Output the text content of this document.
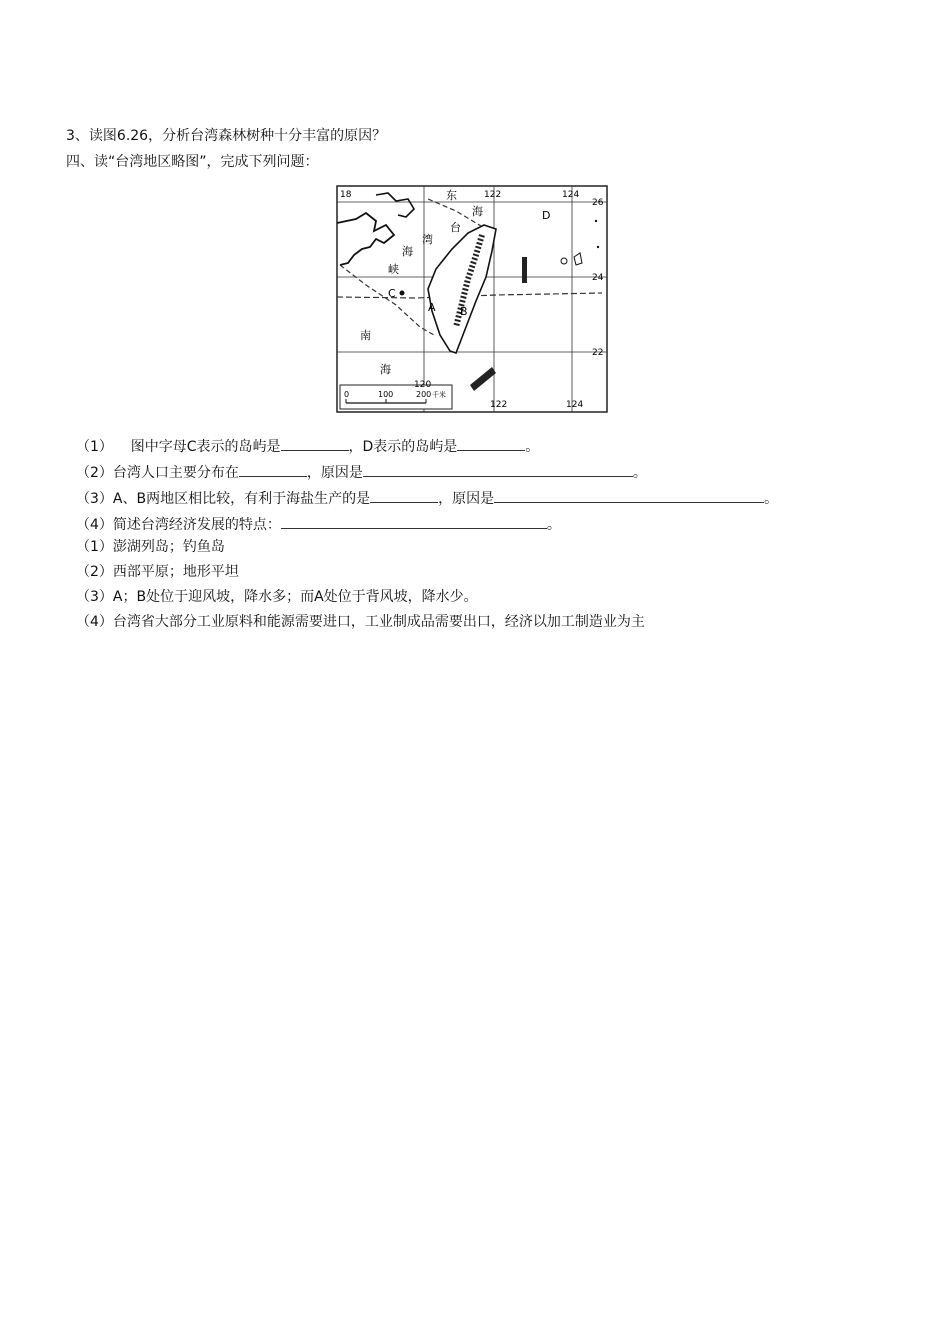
3、读图6.26，分析台湾森林树种十分丰富的原因？
四、读“台湾地区略图”，完成下列问题：
18	122	124
26
24
22
120
122	124
东
海
台
湾
海
峡
南
海
A B
C
D
0	100	200 千米
（1） 图中字母C表示的岛屿是	，D表示的岛屿是	。
（2）台湾人口主要分布在	，原因是	。
（3）A、B两地区相比较，有利于海盐生产的是	，原因是	。
（4）简述台湾经济发展的特点：	。
（1）澎湖列岛；钓鱼岛
（2）西部平原；地形平坦
（3）A；B处位于迎风坡，降水多；而A处位于背风坡，降水少。
（4）台湾省大部分工业原料和能源需要进口，工业制成品需要出口，经济以加工制造业为主
